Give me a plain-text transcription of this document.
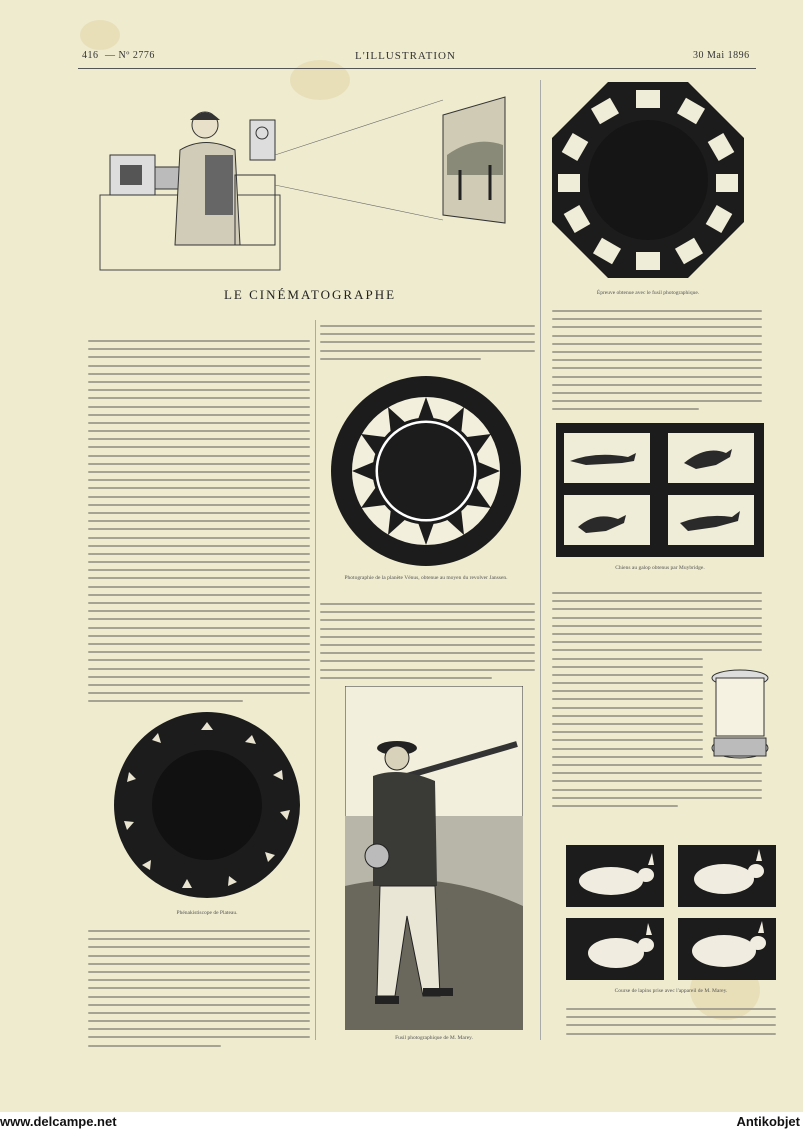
416 — Nº 2776	L'ILLUSTRATION	30 Mai 1896
LE CINÉMATOGRAPHE
Phénakistiscope de Plateau.
Photographie de la planète Vénus, obtenue au moyen du revolver Janssen.
Fusil photographique de M. Marey.
Épreuve obtenue avec le fusil photographique.
Chiens au galop obtenus par Muybridge.
Course de lapins prise avec l'appareil de M. Marey.
www.delcampe.net	Antikobjet
